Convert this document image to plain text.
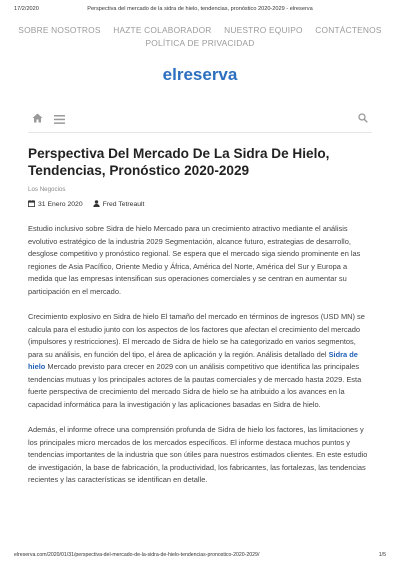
17/2/2020	Perspectiva del mercado de la sidra de hielo, tendencias, pronóstico 2020-2029 - elreserva
SOBRE NOSOTROS HAZTE COLABORADOR NUESTRO EQUIPO CONTÁCTENOS
POLÍTICA DE PRIVACIDAD
elreserva
Perspectiva Del Mercado De La Sidra De Hielo, Tendencias, Pronóstico 2020-2029
Los Negocios
31 Enero 2020	Fred Tetreault

Estudio inclusivo sobre Sidra de hielo Mercado para un crecimiento atractivo mediante el análisis evolutivo estratégico de la industria 2029 Segmentación, alcance futuro, estrategias de desarrollo, desglose competitivo y pronóstico regional. Se espera que el mercado siga siendo prominente en las regiones de Asia Pacífico, Oriente Medio y África, América del Norte, América del Sur y Europa a medida que las empresas intensifican sus operaciones comerciales y se centran en aumentar su participación en el mercado.

Crecimiento explosivo en Sidra de hielo El tamaño del mercado en términos de ingresos (USD MN) se calcula para el estudio junto con los aspectos de los factores que afectan el crecimiento del mercado (impulsores y restricciones). El mercado de Sidra de hielo se ha categorizado en varios segmentos, para su análisis, en función del tipo, el área de aplicación y la región. Análisis detallado del Sidra de hielo Mercado previsto para crecer en 2029 con un análisis competitivo que identifica las principales tendencias mutuas y los principales actores de la pautas comerciales y de mercado hasta 2029. Esta fuerte perspectiva de crecimiento del mercado Sidra de hielo se ha atribuido a los avances en la capacidad informática para la investigación y las aplicaciones basadas en Sidra de hielo.

Además, el informe ofrece una comprensión profunda de Sidra de hielo los factores, las limitaciones y los principales micro mercados de los mercados específicos. El informe destaca muchos puntos y tendencias importantes de la industria que son útiles para nuestros estimados clientes. En este estudio de investigación, la base de fabricación, la productividad, los fabricantes, las fortalezas, las tendencias recientes y las características se identifican en detalle.

elreserva.com/2020/01/31/perspectiva-del-mercado-de-la-sidra-de-hielo-tendencias-pronostico-2020-2029/	1/5
